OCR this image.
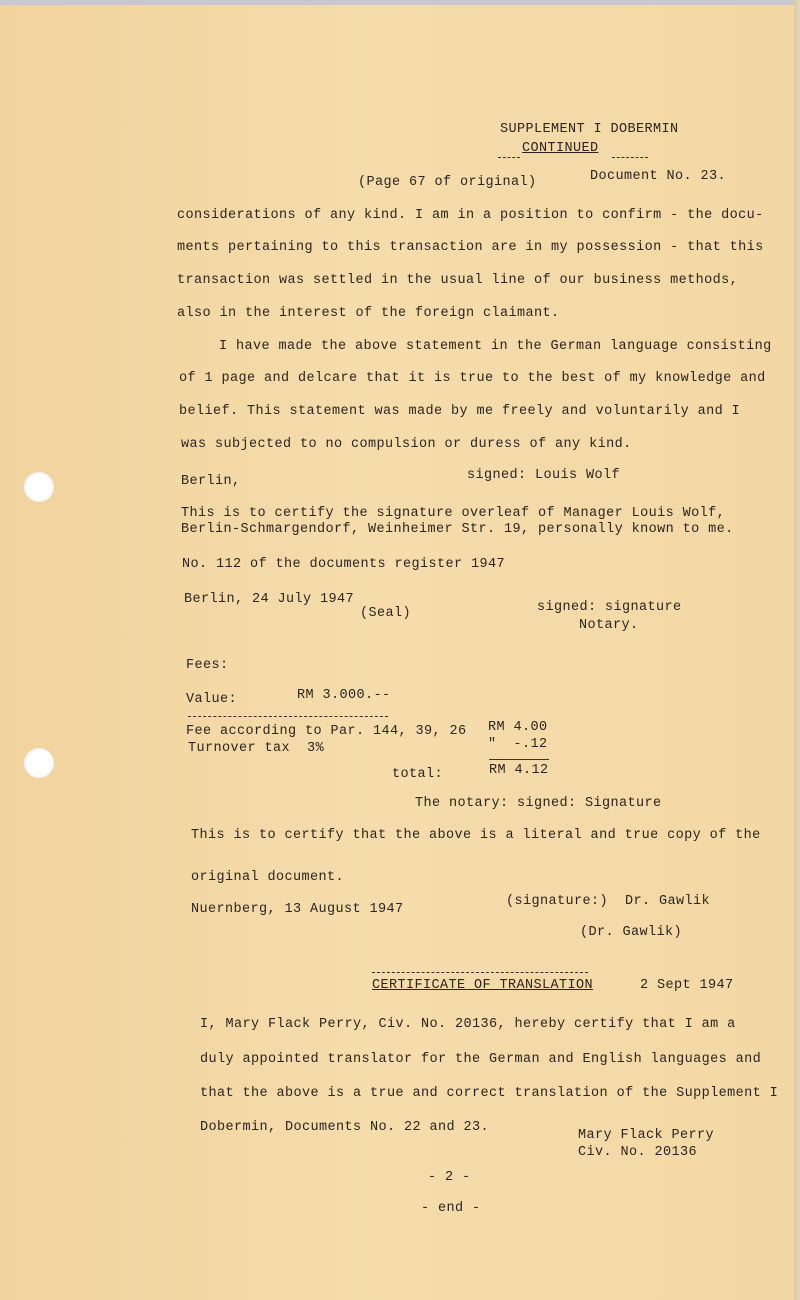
SUPPLEMENT I DOBERMIN
CONTINUED
(Page 67 of original)	Document No. 23.
considerations of any kind. I am in a position to confirm - the docu-
ments pertaining to this transaction are in my possession - that this
transaction was settled in the usual line of our business methods,
also in the interest of the foreign claimant.
I have made the above statement in the German language consisting
of 1 page and delcare that it is true to the best of my knowledge and
belief. This statement was made by me freely and voluntarily and I
was subjected to no compulsion or duress of any kind.
Berlin,	signed: Louis Wolf
This is to certify the signature overleaf of Manager Louis Wolf,
Berlin-Schmargendorf, Weinheimer Str. 19, personally known to me.
No. 112 of the documents register 1947
Berlin, 24 July 1947
(Seal)	signed: signature
Notary.
Fees:
Value:	RM 3.000.--
Fee according to Par. 144, 39, 26 RM 4.00
Turnover tax  3%	"  -.12
total:	RM 4.12
The notary: signed: Signature
This is to certify that the above is a literal and true copy of the
original document.
Nuernberg, 13 August 1947
(signature:)  Dr. Gawlik
(Dr. Gawlik)
CERTIFICATE OF TRANSLATION	2 Sept 1947
I, Mary Flack Perry, Civ. No. 20136, hereby certify that I am a
duly appointed translator for the German and English languages and
that the above is a true and correct translation of the Supplement I
Dobermin, Documents No. 22 and 23.
Mary Flack Perry
Civ. No. 20136
- 2 -
- end -
